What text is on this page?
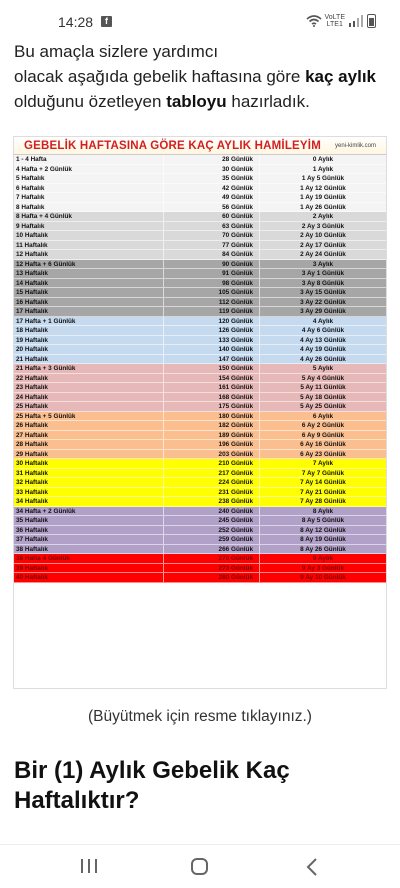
14:28	f	VoLTE
LTE1
Bu amaçla sizlere yardımcı
olacak aşağıda gebelik haftasına göre kaç aylık
olduğunu özetleyen tabloyu hazırladık.
GEBELİK HAFTASINA GÖRE KAÇ AYLIK HAMİLEYİM yeni-kimlik.com
1 - 4 Hafta	28 Günlük	0 Aylık
4 Hafta + 2 Günlük	30 Günlük	1 Aylık
5 Haftalık	35 Günlük	1 Ay 5 Günlük
6 Haftalık	42 Günlük	1 Ay 12 Günlük
7 Haftalık	49 Günlük	1 Ay 19 Günlük
8 Haftalık	56 Günlük	1 Ay 26 Günlük
8 Hafta + 4 Günlük	60 Günlük	2 Aylık
9 Haftalık	63 Günlük	2 Ay 3 Günlük
10 Haftalık	70 Günlük	2 Ay 10 Günlük
11 Haftalık	77 Günlük	2 Ay 17 Günlük
12 Haftalık	84 Günlük	2 Ay 24 Günlük
12 Hafta + 6 Günlük	90 Günlük	3 Aylık
13 Haftalık	91 Günlük	3 Ay 1 Günlük
14 Haftalık	98 Günlük	3 Ay 8 Günlük
15 Haftalık	105 Günlük	3 Ay 15 Günlük
16 Haftalık	112 Günlük	3 Ay 22 Günlük
17 Haftalık	119 Günlük	3 Ay 29 Günlük
17 Hafta + 1 Günlük	120 Günlük	4 Aylık
18 Haftalık	126 Günlük	4 Ay 6 Günlük
19 Haftalık	133 Günlük	4 Ay 13 Günlük
20 Haftalık	140 Günlük	4 Ay 19 Günlük
21 Haftalık	147 Günlük	4 Ay 26 Günlük
21 Hafta + 3 Günlük	150 Günlük	5 Aylık
22 Haftalık	154 Günlük	5 Ay 4 Günlük
23 Haftalık	161 Günlük	5 Ay 11 Günlük
24 Haftalık	168 Günlük	5 Ay 18 Günlük
25 Haftalık	175 Günlük	5 Ay 25 Günlük
25 Hafta + 5 Günlük	180 Günlük	6 Aylık
26 Haftalık	182 Günlük	6 Ay 2 Günlük
27 Haftalık	189 Günlük	6 Ay 9 Günlük
28 Haftalık	196 Günlük	6 Ay 16 Günlük
29 Haftalık	203 Günlük	6 Ay 23 Günlük
30 Haftalık	210 Günlük	7 Aylık
31 Haftalık	217 Günlük	7 Ay 7 Günlük
32 Haftalık	224 Günlük	7 Ay 14 Günlük
33 Haftalık	231 Günlük	7 Ay 21 Günlük
34 Haftalık	238 Günlük	7 Ay 28 Günlük
34 Hafta + 2 Günlük	240 Günlük	8 Aylık
35 Haftalık	245 Günlük	8 Ay 5 Günlük
36 Haftalık	252 Günlük	8 Ay 12 Günlük
37 Haftalık	259 Günlük	8 Ay 19 Günlük
38 Haftalık	266 Günlük	8 Ay 26 Günlük
38 Hafta 4 Günlük	270 Günlük	9 Aylık
39 Haftalık	273 Günlük	9 Ay 3 Günlük
40 Haftalık	280 Günlük	9 Ay 10 Günlük
(Büyütmek için resme tıklayınız.)
Bir (1) Aylık Gebelik Kaç Haftalıktır?
